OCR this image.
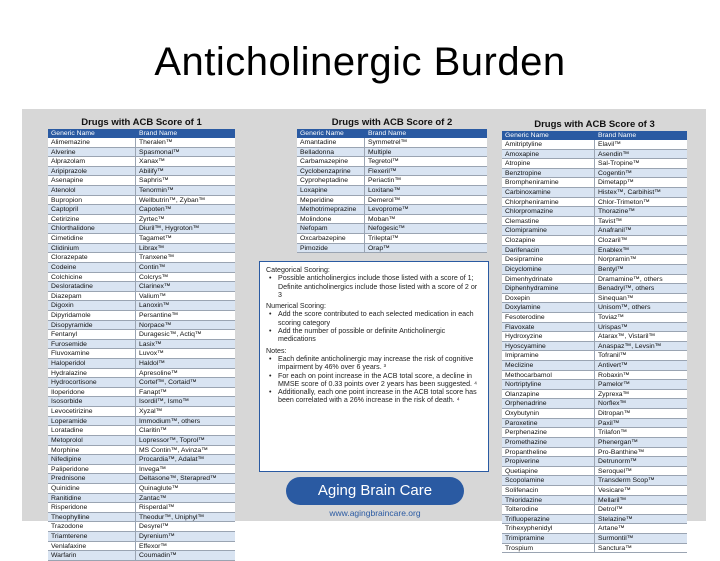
Anticholinergic Burden
Drugs with ACB Score of 1
Generic Name	Brand Name
Alimemazine	Theralen™
Alverine	Spasmonal™
Alprazolam	Xanax™
Aripiprazole	Abilify™
Asenapine	Saphris™
Atenolol	Tenormin™
Bupropion	Wellbutrin™, Zyban™
Captopril	Capoten™
Cetirizine	Zyrtec™
Chlorthalidone	Diuril™, Hygroton™
Cimetidine	Tagamet™
Clidinium	Librax™
Clorazepate	Tranxene™
Codeine	Contin™
Colchicine	Colcrys™
Desloratadine	Clarinex™
Diazepam	Valium™
Digoxin	Lanoxin™
Dipyridamole	Persantine™
Disopyramide	Norpace™
Fentanyl	Duragesic™, Actiq™
Furosemide	Lasix™
Fluvoxamine	Luvox™
Haloperidol	Haldol™
Hydralazine	Apresoline™
Hydrocortisone	Cortef™, Cortaid™
Iloperidone	Fanapt™
Isosorbide	Isordil™, Ismo™
Levocetirizine	Xyzal™
Loperamide	Immodium™, others
Loratadine	Claritin™
Metoprolol	Lopressor™, Toprol™
Morphine	MS Contin™, Avinza™
Nifedipine	Procardia™, Adalat™
Paliperidone	Invega™
Prednisone	Deltasone™, Sterapred™
Quinidine	Quinaglute™
Ranitidine	Zantac™
Risperidone	Risperdal™
Theophylline	Theodur™, Uniphyl™
Trazodone	Desyrel™
Triamterene	Dyrenium™
Venlafaxine	Effexor™
Warfarin	Coumadin™
Drugs with ACB Score of 2
Generic Name	Brand Name
Amantadine	Symmetrel™
Belladonna	Multiple
Carbamazepine	Tegretol™
Cyclobenzaprine	Flexeril™
Cyproheptadine	Periactin™
Loxapine	Loxitane™
Meperidine	Demerol™
Methotrimeprazine	Levoprome™
Molindone	Moban™
Nefopam	Nefogesic™
Oxcarbazepine	Trileptal™
Pimozide	Orap™
Drugs with ACB Score of 3
Generic Name	Brand Name
Amitriptyline	Elavil™
Amoxapine	Asendin™
Atropine	Sal-Tropine™
Benztropine	Cogentin™
Brompheniramine	Dimetapp™
Carbinoxamine	Histex™, Carbihist™
Chlorpheniramine	Chlor-Trimeton™
Chlorpromazine	Thorazine™
Clemastine	Tavist™
Clomipramine	Anafranil™
Clozapine	Clozaril™
Darifenacin	Enablex™
Desipramine	Norpramin™
Dicyclomine	Bentyl™
Dimenhydrinate	Dramamine™, others
Diphenhydramine	Benadryl™, others
Doxepin	Sinequan™
Doxylamine	Unisom™, others
Fesoterodine	Toviaz™
Flavoxate	Urispas™
Hydroxyzine	Atarax™, Vistaril™
Hyoscyamine	Anaspaz™, Levsin™
Imipramine	Tofranil™
Meclizine	Antivert™
Methocarbamol	Robaxin™
Nortriptyline	Pamelor™
Olanzapine	Zyprexa™
Orphenadrine	Norflex™
Oxybutynin	Ditropan™
Paroxetine	Paxil™
Perphenazine	Trilafon™
Promethazine	Phenergan™
Propantheline	Pro-Banthine™
Propiverine	Detrunorm™
Quetiapine	Seroquel™
Scopolamine	Transderm Scop™
Solifenacin	Vesicare™
Thioridazine	Mellaril™
Tolterodine	Detrol™
Trifluoperazine	Stelazine™
Trihexyphenidyl	Artane™
Trimipramine	Surmontil™
Trospium	Sanctura™
Categorical Scoring:
• Possible anticholinergics include those listed with a score of 1; Definite anticholinergics include those listed with a score of 2 or 3
Numerical Scoring:
• Add the score contributed to each selected medication in each scoring category
• Add the number of possible or definite Anticholinergic medications
Notes:
• Each definite anticholinergic may increase the risk of cognitive impairment by 46% over 6 years. ³
• For each on point increase in the ACB total score, a decline in MMSE score of 0.33 points over 2 years has been suggested. ⁴
• Additionally, each one point increase in the ACB total score has been correlated with a 26% increase in the risk of death. ⁴
Aging Brain Care
www.agingbraincare.org
